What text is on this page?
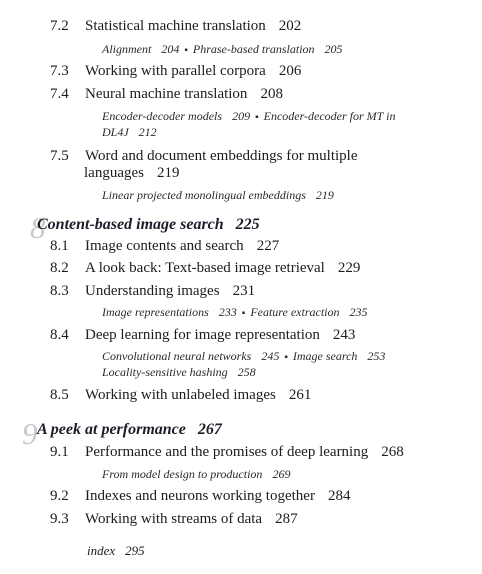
7.2 Statistical machine translation 202
Alignment 204 ▪ Phrase-based translation 205
7.3 Working with parallel corpora 206
7.4 Neural machine translation 208
Encoder-decoder models 209 ▪ Encoder-decoder for MT in
DL4J 212
7.5 Word and document embeddings for multiple
languages 219
Linear projected monolingual embeddings 219
8
Content-based image search 225
8.1 Image contents and search 227
8.2 A look back: Text-based image retrieval 229
8.3 Understanding images 231
Image representations 233 ▪ Feature extraction 235
8.4 Deep learning for image representation 243
Convolutional neural networks 245 ▪ Image search 253
Locality-sensitive hashing 258
8.5 Working with unlabeled images 261
9 A peek at performance 267
9.1 Performance and the promises of deep learning 268
From model design to production 269
9.2 Indexes and neurons working together 284
9.3 Working with streams of data 287
index 295
